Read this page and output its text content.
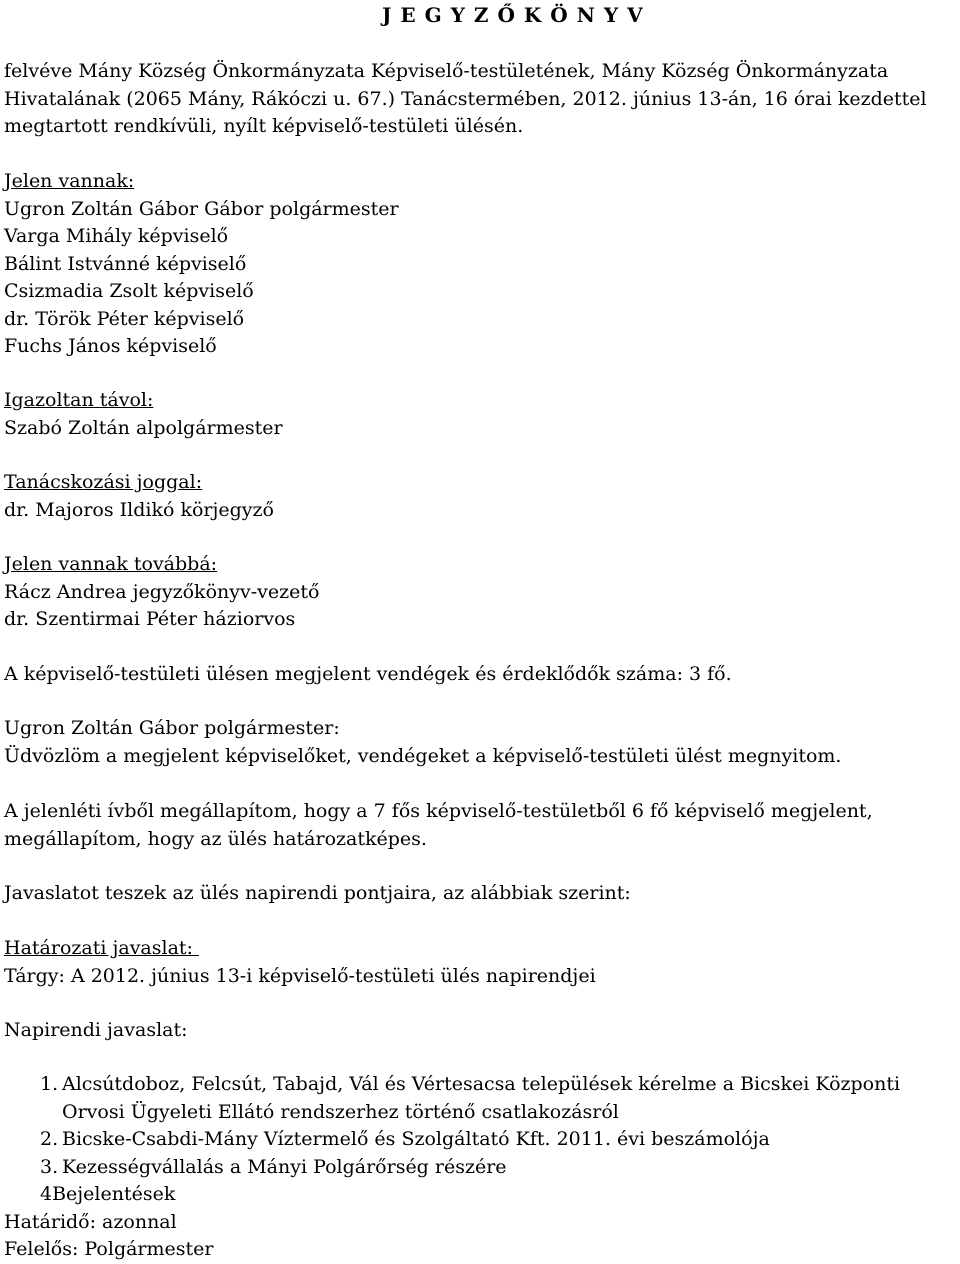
J E G Y Z Ő K Ö N Y V

felvéve Mány Község Önkormányzata Képviselő-testületének, Mány Község Önkormányzata

Hivatalának (2065 Mány, Rákóczi u. 67.) Tanácstermében, 2012. június 13-án, 16 órai kezdettel

megtartott rendkívüli, nyílt képviselő-testületi ülésén.

Jelen vannak:

Ugron Zoltán Gábor Gábor polgármester

Varga Mihály képviselő

Bálint Istvánné képviselő

Csizmadia Zsolt képviselő

dr. Török Péter képviselő

Fuchs János képviselő

Igazoltan távol:

Szabó Zoltán alpolgármester

Tanácskozási joggal:

dr. Majoros Ildikó körjegyző

Jelen vannak továbbá:

Rácz Andrea jegyzőkönyv-vezető

dr. Szentirmai Péter háziorvos

A képviselő-testületi ülésen megjelent vendégek és érdeklődők száma: 3 fő.

Ugron Zoltán Gábor polgármester:

Üdvözlöm a megjelent képviselőket, vendégeket a képviselő-testületi ülést megnyitom.

A jelenléti ívből megállapítom, hogy a 7 fős képviselő-testületből 6 fő képviselő megjelent,

megállapítom, hogy az ülés határozatképes.

Javaslatot teszek az ülés napirendi pontjaira, az alábbiak szerint:

Határozati javaslat:

Tárgy: A 2012. június 13-i képviselő-testületi ülés napirendjei

Napirendi javaslat:

1. Alcsútdoboz, Felcsút, Tabajd, Vál és Vértesacsa települések kérelme a Bicskei Központi

Orvosi Ügyeleti Ellátó rendszerhez történő csatlakozásról

2. Bicske-Csabdi-Mány Víztermelő és Szolgáltató Kft. 2011. évi beszámolója

3. Kezességvállalás a Mányi Polgárőrség részére

4Bejelentések

Határidő: azonnal

Felelős: Polgármester
